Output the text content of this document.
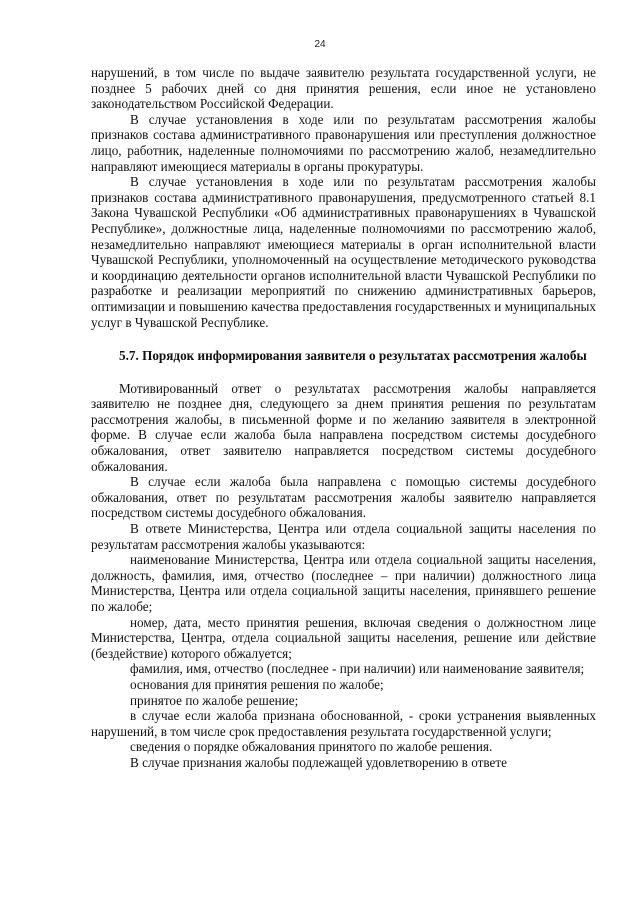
24

нарушений, в том числе по выдаче заявителю результата государственной услуги, не позднее 5 рабочих дней со дня принятия решения, если иное не установлено законодательством Российской Федерации.

В случае установления в ходе или по результатам рассмотрения жалобы признаков состава административного правонарушения или преступления должностное лицо, работник, наделенные полномочиями по рассмотрению жалоб, незамедлительно направляют имеющиеся материалы в органы прокуратуры.

В случае установления в ходе или по результатам рассмотрения жалобы признаков состава административного правонарушения, предусмотренного статьей 8.1 Закона Чувашской Республики «Об административных правонарушениях в Чувашской Республике», должностные лица, наделенные полномочиями по рассмотрению жалоб, незамедлительно направляют имеющиеся материалы в орган исполнительной власти Чувашской Республики, уполномоченный на осуществление методического руководства и координацию деятельности органов исполнительной власти Чувашской Республики по разработке и реализации мероприятий по снижению административных барьеров, оптимизации и повышению качества предоставления государственных и муниципальных услуг в Чувашской Республике.

5.7. Порядок информирования заявителя о результатах рассмотрения жалобы

Мотивированный ответ о результатах рассмотрения жалобы направляется заявителю не позднее дня, следующего за днем принятия решения по результатам рассмотрения жалобы, в письменной форме и по желанию заявителя в электронной форме. В случае если жалоба была направлена посредством системы досудебного обжалования, ответ заявителю направляется посредством системы досудебного обжалования.

В случае если жалоба была направлена с помощью системы досудебного обжалования, ответ по результатам рассмотрения жалобы заявителю направляется посредством системы досудебного обжалования.

В ответе Министерства, Центра или отдела социальной защиты населения по результатам рассмотрения жалобы указываются:

наименование Министерства, Центра или отдела социальной защиты населения, должность, фамилия, имя, отчество (последнее – при наличии) должностного лица Министерства, Центра или отдела социальной защиты населения, принявшего решение по жалобе;

номер, дата, место принятия решения, включая сведения о должностном лице Министерства, Центра, отдела социальной защиты населения, решение или действие (бездействие) которого обжалуется;

фамилия, имя, отчество (последнее - при наличии) или наименование заявителя;

основания для принятия решения по жалобе;

принятое по жалобе решение;

в случае если жалоба признана обоснованной, - сроки устранения выявленных нарушений, в том числе срок предоставления результата государственной услуги;

сведения о порядке обжалования принятого по жалобе решения.

В случае признания жалобы подлежащей удовлетворению в ответе
